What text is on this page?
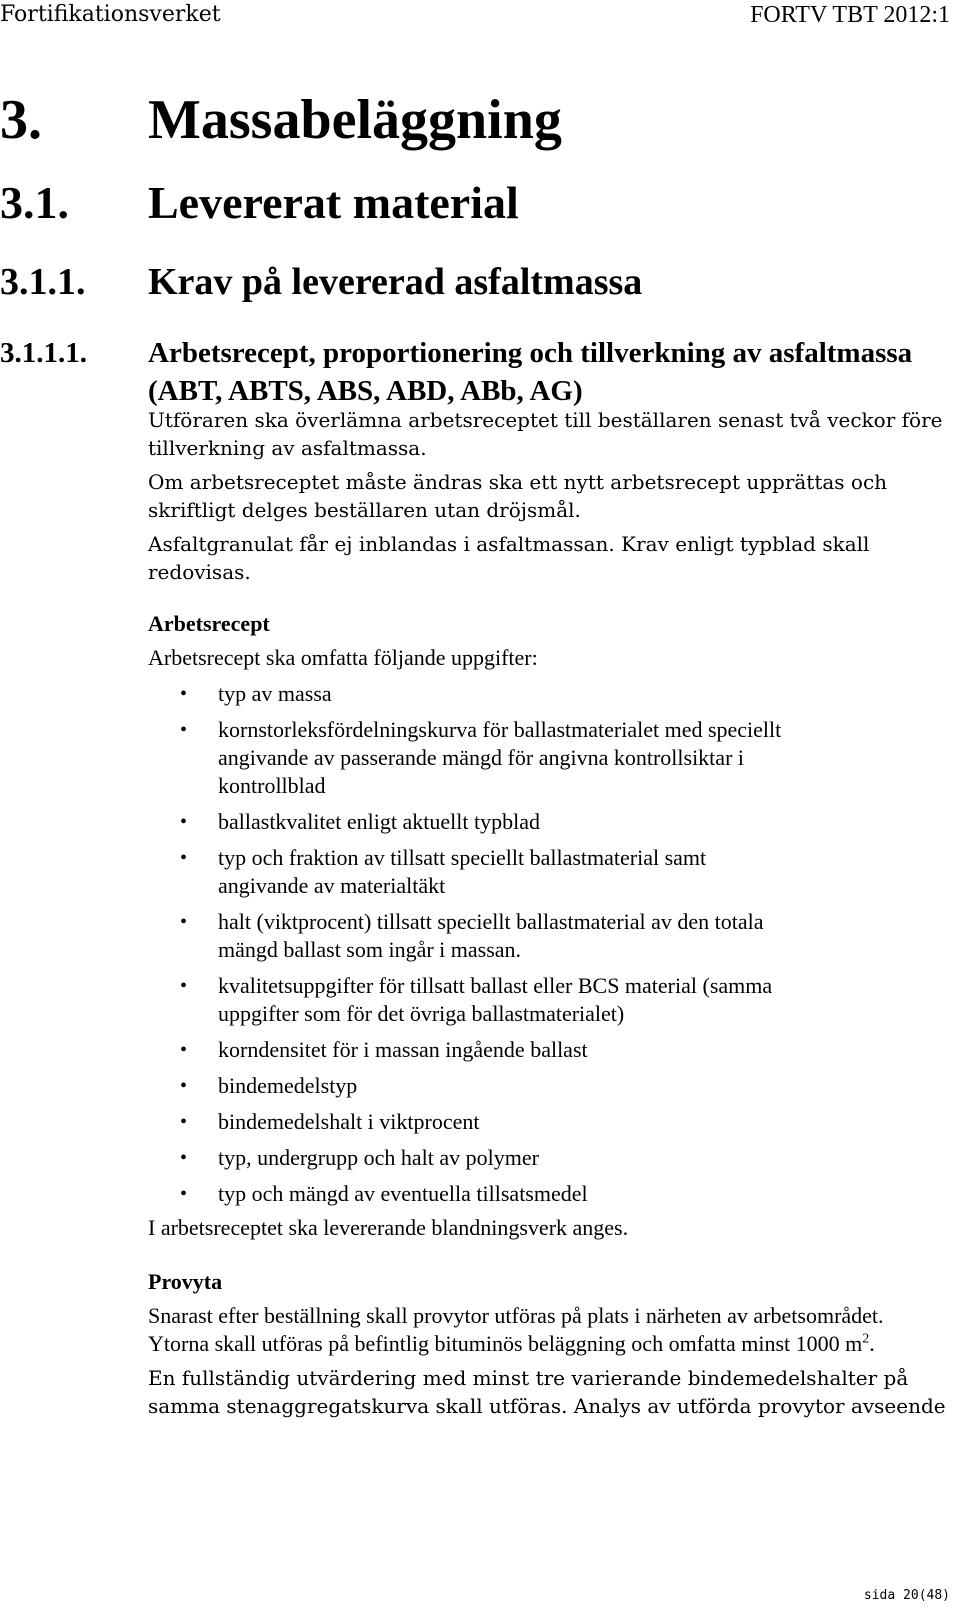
Fortifikationsverket	FORTV TBT 2012:1
3. Massabeläggning
3.1. Levererat material
3.1.1. Krav på levererad asfaltmassa
3.1.1.1. Arbetsrecept, proportionering och tillverkning av asfaltmassa (ABT, ABTS, ABS, ABD, ABb, AG)

Utföraren ska överlämna arbetsreceptet till beställaren senast två veckor före tillverkning av asfaltmassa.

Om arbetsreceptet måste ändras ska ett nytt arbetsrecept upprättas och skriftligt delges beställaren utan dröjsmål.

Asfaltgranulat får ej inblandas i asfaltmassan. Krav enligt typblad skall redovisas.

Arbetsrecept
Arbetsrecept ska omfatta följande uppgifter:
• typ av massa
• kornstorleksfördelningskurva för ballastmaterialet med speciellt angivande av passerande mängd för angivna kontrollsiktar i kontrollblad
• ballastkvalitet enligt aktuellt typblad
• typ och fraktion av tillsatt speciellt ballastmaterial samt angivande av materialtäkt
• halt (viktprocent) tillsatt speciellt ballastmaterial av den totala mängd ballast som ingår i massan.
• kvalitetsuppgifter för tillsatt ballast eller BCS material (samma uppgifter som för det övriga ballastmaterialet)
• korndensitet för i massan ingående ballast
• bindemedelstyp
• bindemedelshalt i viktprocent
• typ, undergrupp och halt av polymer
• typ och mängd av eventuella tillsatsmedel
I arbetsreceptet ska levererande blandningsverk anges.
Provyta

Snarast efter beställning skall provytor utföras på plats i närheten av arbetsområdet. Ytorna skall utföras på befintlig bituminös beläggning och omfatta minst 1000 $m^2$.

En fullständig utvärdering med minst tre varierande bindemedelshalter på samma stenaggregatskurva skall utföras. Analys av utförda provytor avseende

sida 20(48)
